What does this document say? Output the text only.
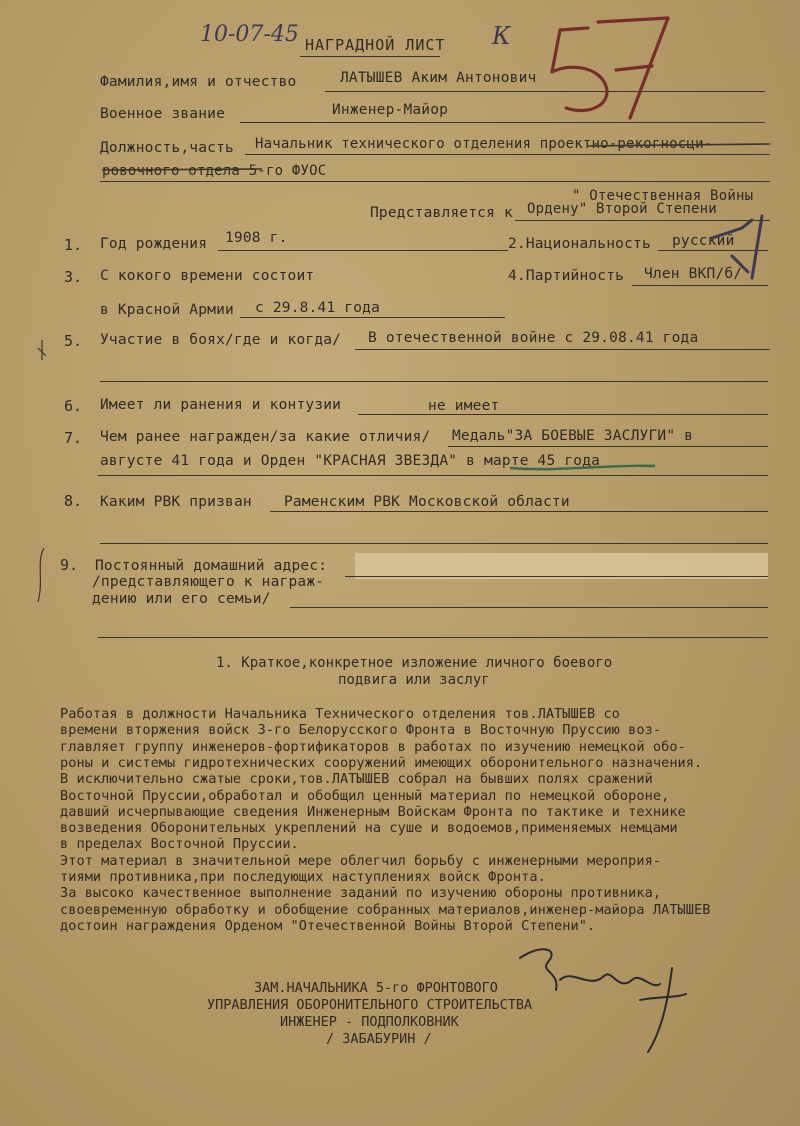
10-07-45	К
НАГРАДНОЙ ЛИСТ
Фамилия,имя и отчество	ЛАТЫШЕВ Аким Антонович
Военное звание	Инженер-Майор
Должность,часть Начальник технического отделения проектно-рекогносци-
ровочного отдела 5-го ФУОС
" Отечественная Войны
Представляется к Ордену" Второй Степени
1. Год рождения 1908 г.	2.Национальность русский
3. С кокого времени состоит	4.Партийность Член ВКП/б/
в Красной Армии с 29.8.41 года
5. Участие в боях/где и когда/ В отечественной войне с 29.08.41 года
6. Имеет ли ранения и контузии	не имеет
7. Чем ранее награжден/за какие отличия/ Медаль"ЗА БОЕВЫЕ ЗАСЛУГИ" в
августе 41 года и Орден "КРАСНАЯ ЗВЕЗДА" в марте 45 года
8. Каким РВК призван Раменским РВК Московской области
9. Постоянный домашний адрес:
/представляющего к награж-
дению или его семьи/
1. Краткое,конкретное изложение личного боевого
подвига или заслуг
Работая в должности Начальника Технического отделения тов.ЛАТЫШЕВ со
времени вторжения войск 3-го Белорусского Фронта в Восточную Пруссию воз-
главляет группу инженеров-фортификаторов в работах по изучению немецкой обо-
роны и системы гидротехнических сооружений имеющих оборонительного назначения.
В исключительно сжатые сроки,тов.ЛАТЫШЕВ собрал на бывших полях сражений
Восточной Пруссии,обработал и обобщил ценный материал по немецкой обороне,
давший исчерпывающие сведения Инженерным Войскам Фронта по тактике и технике
возведения Оборонительных укреплений на суше и водоемов,применяемых немцами
в пределах Восточной Пруссии.
Этот материал в значительной мере облегчил борьбу с инженерными мероприя-
тиями противника,при последующих наступлениях войск Фронта.
За высоко качественное выполнение заданий по изучению обороны противника,
своевременную обработку и обобщение собранных материалов,инженер-майора ЛАТЫШЕВ
достоин награждения Орденом "Отечественной Войны Второй Степени".
ЗАМ.НАЧАЛЬНИКА 5-го ФРОНТОВОГО
УПРАВЛЕНИЯ ОБОРОНИТЕЛЬНОГО СТРОИТЕЛЬСТВА
ИНЖЕНЕР - ПОДПОЛКОВНИК
/ ЗАБАБУРИН /
